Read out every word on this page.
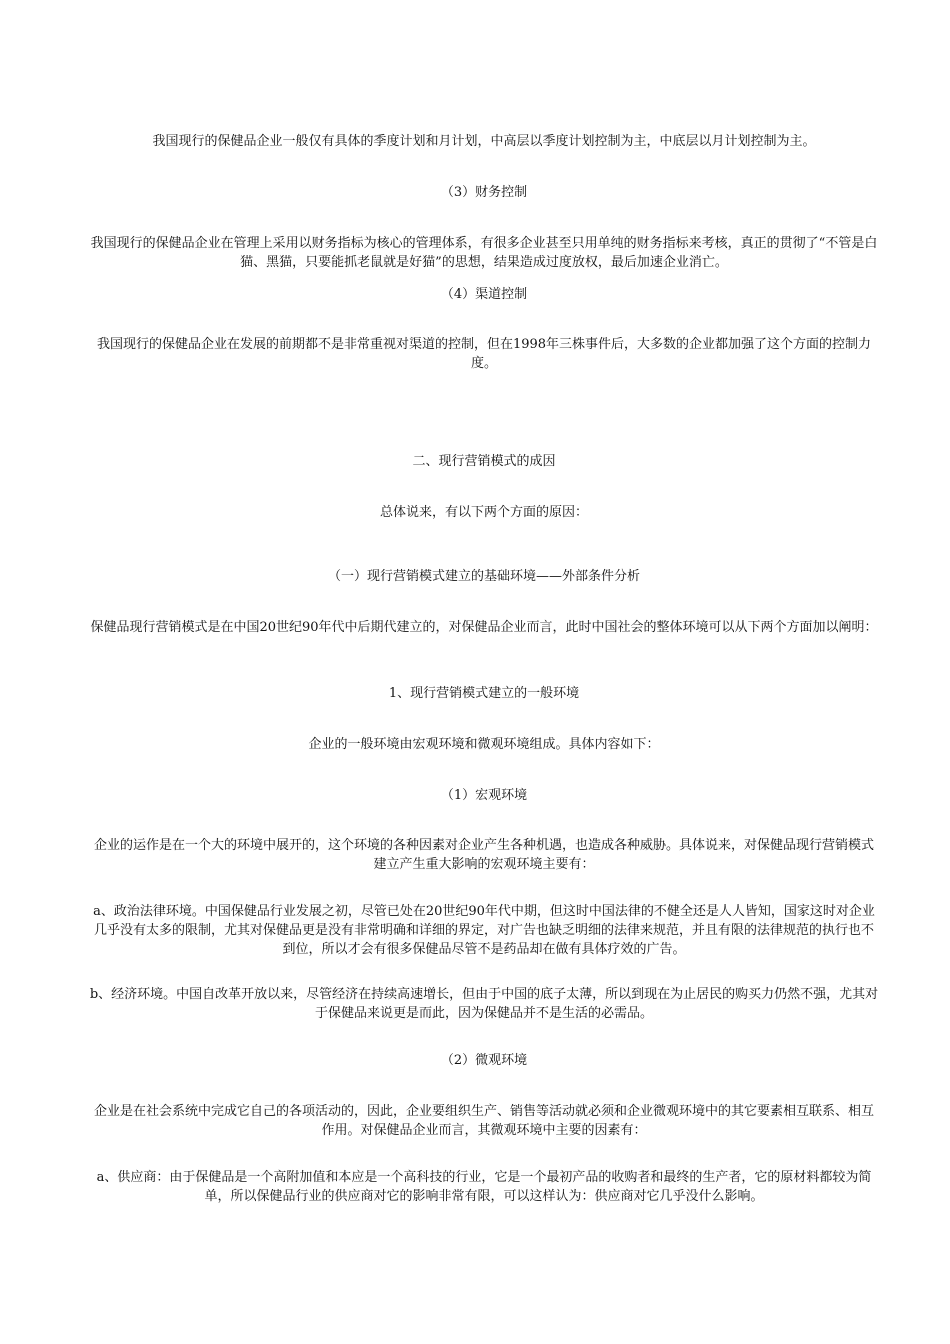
我国现行的保健品企业一般仅有具体的季度计划和月计划，中高层以季度计划控制为主，中底层以月计划控制为主。

（3）财务控制

我国现行的保健品企业在管理上采用以财务指标为核心的管理体系，有很多企业甚至只用单纯的财务指标来考核，真正的贯彻了“不管是白猫、黑猫，只要能抓老鼠就是好猫”的思想，结果造成过度放权，最后加速企业消亡。

（4）渠道控制

我国现行的保健品企业在发展的前期都不是非常重视对渠道的控制，但在1998年三株事件后，大多数的企业都加强了这个方面的控制力度。

二、现行营销模式的成因

总体说来，有以下两个方面的原因：

（一）现行营销模式建立的基础环境——外部条件分析

保健品现行营销模式是在中国20世纪90年代中后期代建立的，对保健品企业而言，此时中国社会的整体环境可以从下两个方面加以阐明：

1、现行营销模式建立的一般环境

企业的一般环境由宏观环境和微观环境组成。具体内容如下：

（1）宏观环境

企业的运作是在一个大的环境中展开的，这个环境的各种因素对企业产生各种机遇，也造成各种威胁。具体说来，对保健品现行营销模式建立产生重大影响的宏观环境主要有：

a、政治法律环境。中国保健品行业发展之初，尽管已处在20世纪90年代中期，但这时中国法律的不健全还是人人皆知，国家这时对企业几乎没有太多的限制，尤其对保健品更是没有非常明确和详细的界定，对广告也缺乏明细的法律来规范，并且有限的法律规范的执行也不到位，所以才会有很多保健品尽管不是药品却在做有具体疗效的广告。

b、经济环境。中国自改革开放以来，尽管经济在持续高速增长，但由于中国的底子太薄，所以到现在为止居民的购买力仍然不强，尤其对于保健品来说更是而此，因为保健品并不是生活的必需品。

（2）微观环境

企业是在社会系统中完成它自己的各项活动的，因此，企业要组织生产、销售等活动就必须和企业微观环境中的其它要素相互联系、相互作用。对保健品企业而言，其微观环境中主要的因素有：

a、供应商：由于保健品是一个高附加值和本应是一个高科技的行业，它是一个最初产品的收购者和最终的生产者，它的原材料都较为简单，所以保健品行业的供应商对它的影响非常有限，可以这样认为：供应商对它几乎没什么影响。
